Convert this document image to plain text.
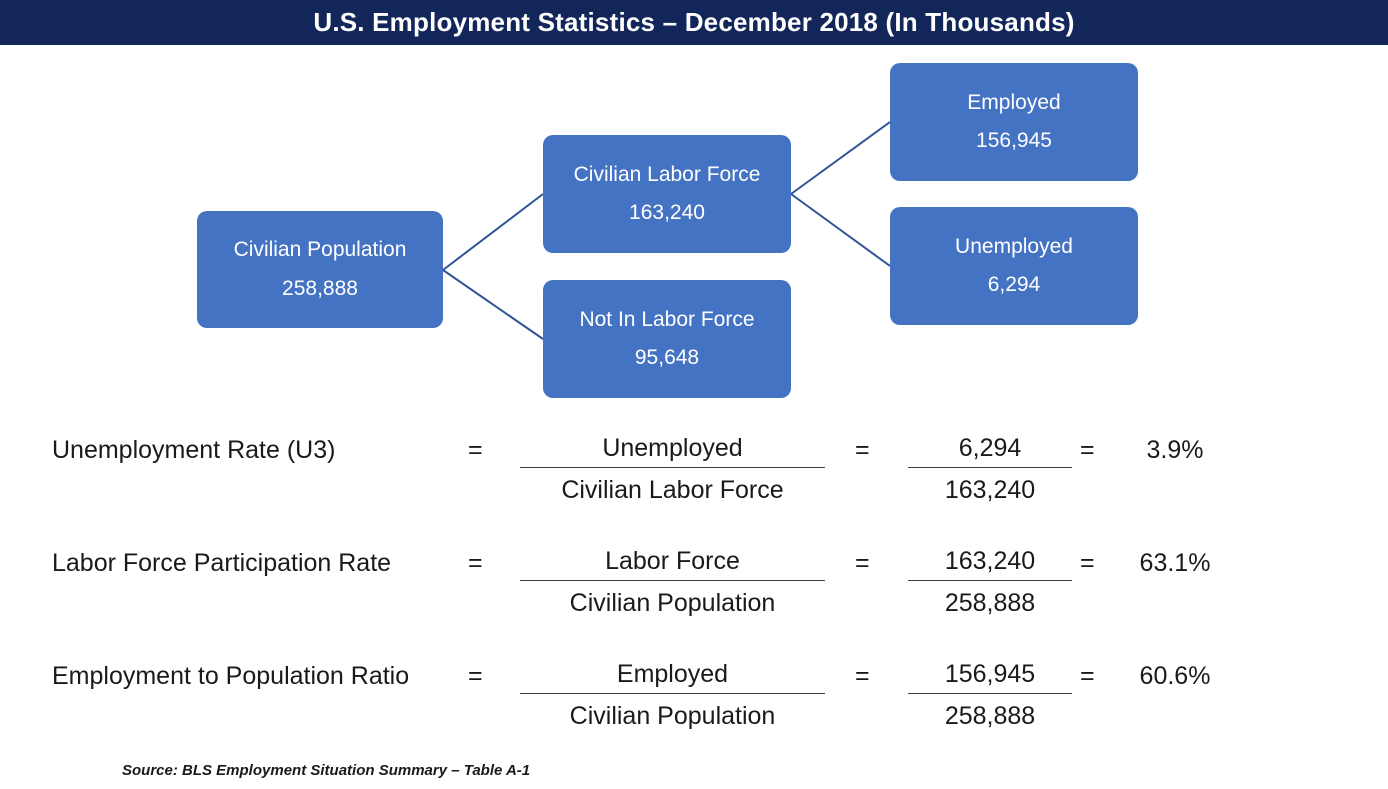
U.S. Employment Statistics – December 2018 (In Thousands)
Civilian Population
258,888
Civilian Labor Force
163,240
Not In Labor Force
95,648
Employed
156,945
Unemployed
6,294
Unemployment Rate (U3)	=	Unemployed
Civilian Labor Force
= $\frac{6,294}{163,240}$ =	3.9%
Labor Force Participation Rate	=	Labor Force
Civilian Population
= $\frac{163,240}{258,888}$ =	63.1%
Employment to Population Ratio =	Employed
Civilian Population
= $\frac{156,945}{258,888}$ =	60.6%
Source: BLS Employment Situation Summary – Table A-1
